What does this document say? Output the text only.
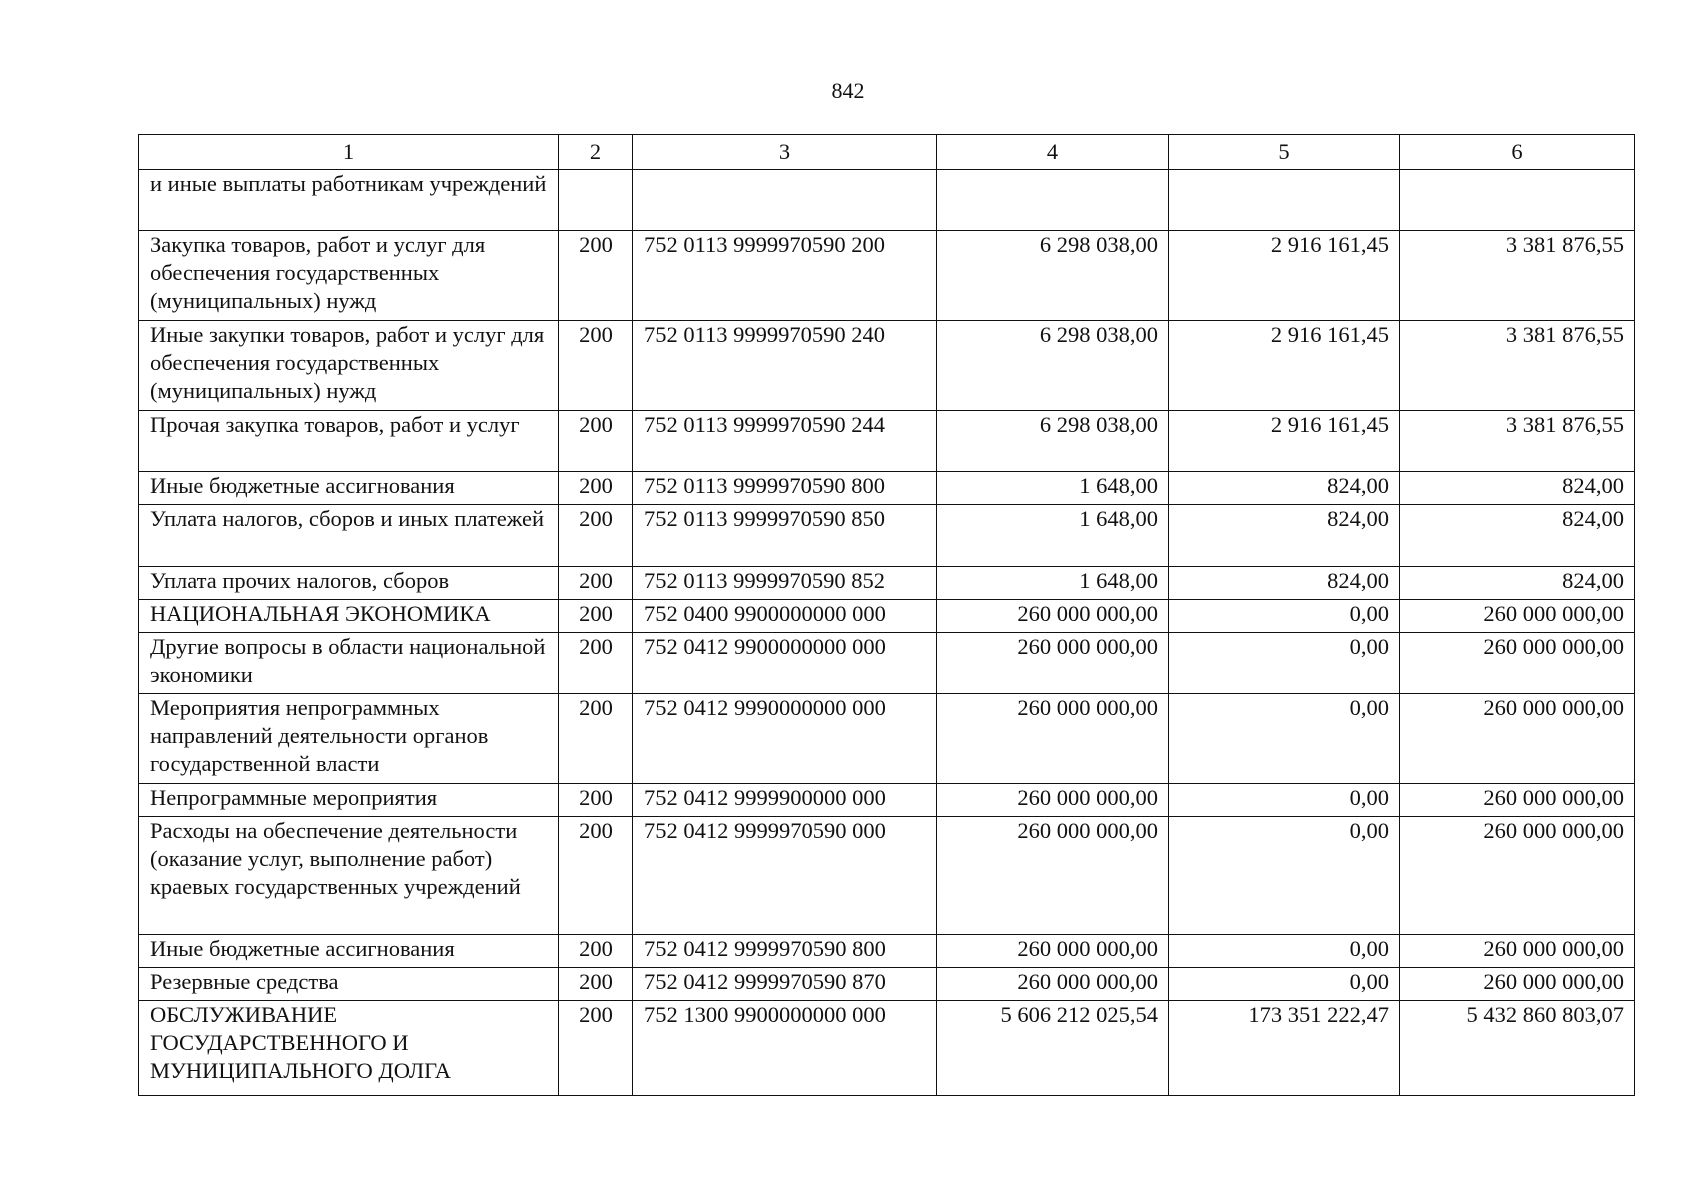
842
1	2	3	4	5	6
и иные выплаты работникам учреждений					
Закупка товаров, работ и услуг для обеспечения государственных (муниципальных) нужд	200	752 0113 9999970590 200	6 298 038,00	2 916 161,45	3 381 876,55
Иные закупки товаров, работ и услуг для обеспечения государственных (муниципальных) нужд	200	752 0113 9999970590 240	6 298 038,00	2 916 161,45	3 381 876,55
Прочая закупка товаров, работ и услуг	200	752 0113 9999970590 244	6 298 038,00	2 916 161,45	3 381 876,55
Иные бюджетные ассигнования	200	752 0113 9999970590 800	1 648,00	824,00	824,00
Уплата налогов, сборов и иных платежей	200	752 0113 9999970590 850	1 648,00	824,00	824,00
Уплата прочих налогов, сборов	200	752 0113 9999970590 852	1 648,00	824,00	824,00
НАЦИОНАЛЬНАЯ ЭКОНОМИКА	200	752 0400 9900000000 000	260 000 000,00	0,00	260 000 000,00
Другие вопросы в области национальной экономики	200	752 0412 9900000000 000	260 000 000,00	0,00	260 000 000,00
Мероприятия непрограммных направлений деятельности органов государственной власти	200	752 0412 9990000000 000	260 000 000,00	0,00	260 000 000,00
Непрограммные мероприятия	200	752 0412 9999900000 000	260 000 000,00	0,00	260 000 000,00
Расходы на обеспечение деятельности (оказание услуг, выполнение работ) краевых государственных учреждений	200	752 0412 9999970590 000	260 000 000,00	0,00	260 000 000,00
Иные бюджетные ассигнования	200	752 0412 9999970590 800	260 000 000,00	0,00	260 000 000,00
Резервные средства	200	752 0412 9999970590 870	260 000 000,00	0,00	260 000 000,00
ОБСЛУЖИВАНИЕ ГОСУДАРСТВЕННОГО И МУНИЦИПАЛЬНОГО ДОЛГА	200	752 1300 9900000000 000	5 606 212 025,54	173 351 222,47	5 432 860 803,07
